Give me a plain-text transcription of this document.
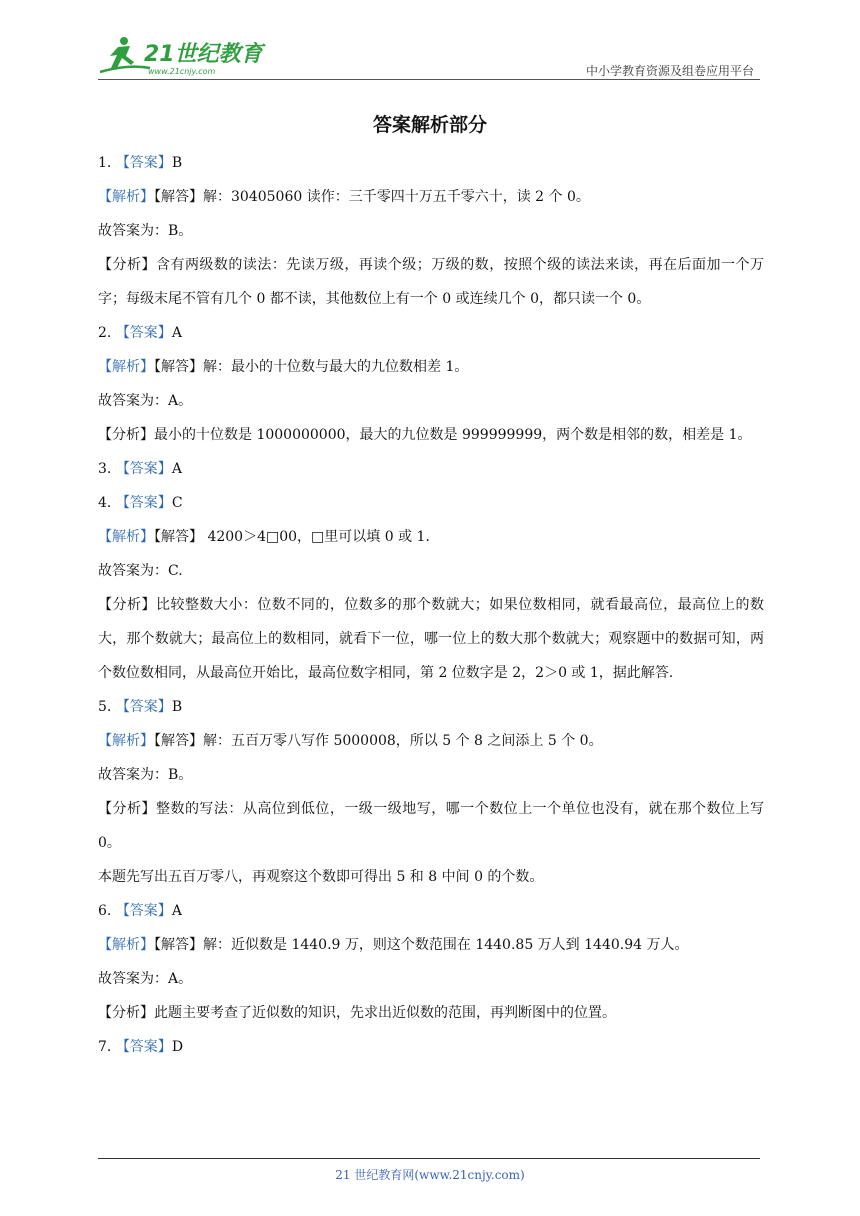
21世纪教育
www.21cnjy.com	中小学教育资源及组卷应用平台
答案解析部分
1. 【答案】B
【解析】【解答】解：30405060 读作：三千零四十万五千零六十，读 2 个 0。
故答案为：B。
【分析】含有两级数的读法：先读万级，再读个级；万级的数，按照个级的读法来读，再在后面加一个万字；每级末尾不管有几个 0 都不读，其他数位上有一个 0 或连续几个 0，都只读一个 0。
2. 【答案】A
【解析】【解答】解：最小的十位数与最大的九位数相差 1。
故答案为：A。
【分析】最小的十位数是 1000000000，最大的九位数是 999999999，两个数是相邻的数，相差是 1。
3. 【答案】A
4. 【答案】C
【解析】【解答】 4200＞4□00，□里可以填 0 或 1.
故答案为：C.
【分析】比较整数大小：位数不同的，位数多的那个数就大；如果位数相同，就看最高位，最高位上的数大，那个数就大；最高位上的数相同，就看下一位，哪一位上的数大那个数就大；观察题中的数据可知，两个数位数相同，从最高位开始比，最高位数字相同，第 2 位数字是 2，2＞0 或 1，据此解答.
5. 【答案】B
【解析】【解答】解：五百万零八写作 5000008，所以 5 个 8 之间添上 5 个 0。
故答案为：B。
【分析】整数的写法：从高位到低位，一级一级地写，哪一个数位上一个单位也没有，就在那个数位上写 0。
本题先写出五百万零八，再观察这个数即可得出 5 和 8 中间 0 的个数。
6. 【答案】A
【解析】【解答】解：近似数是 1440.9 万，则这个数范围在 1440.85 万人到 1440.94 万人。
故答案为：A。
【分析】此题主要考查了近似数的知识，先求出近似数的范围，再判断图中的位置。
7. 【答案】D
21 世纪教育网(www.21cnjy.com)
